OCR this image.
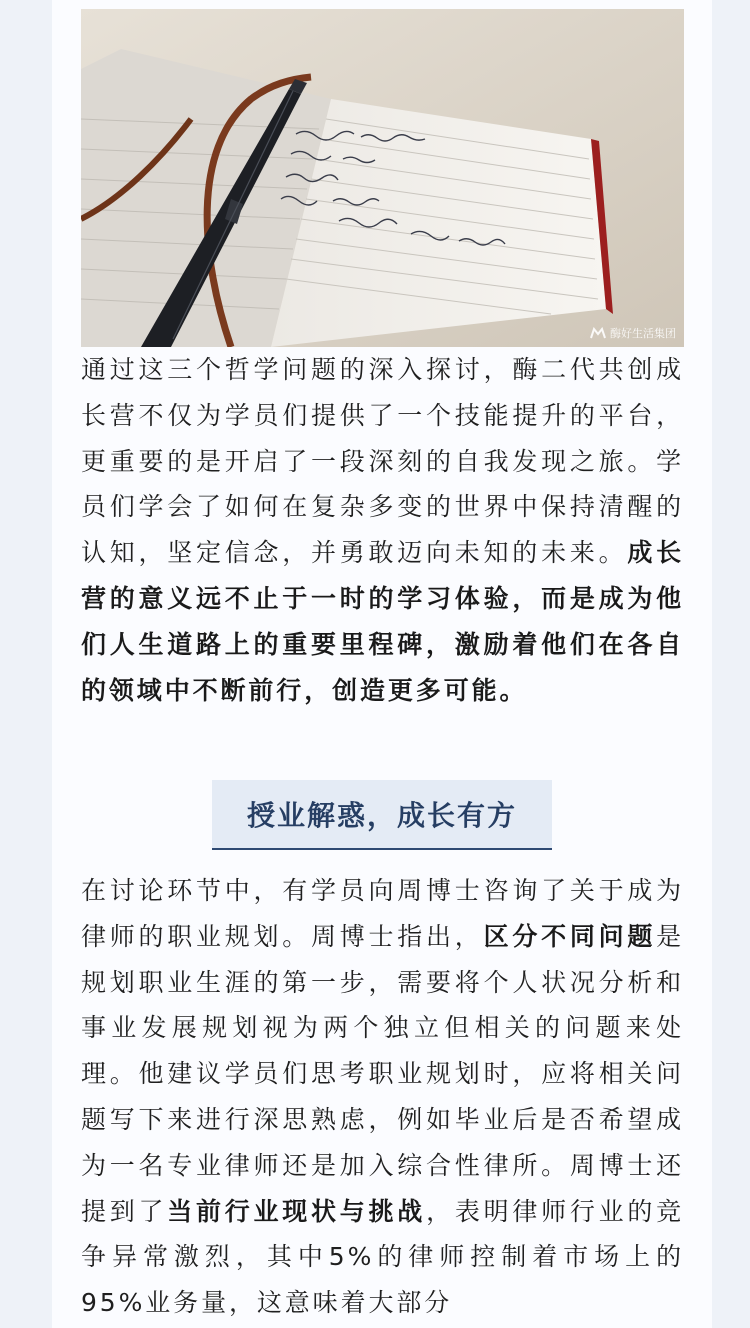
酶好生活集团

通过这三个哲学问题的深入探讨，酶二代共创成长营不仅为学员们提供了一个技能提升的平台，更重要的是开启了一段深刻的自我发现之旅。学员们学会了如何在复杂多变的世界中保持清醒的认知，坚定信念，并勇敢迈向未知的未来。成长营的意义远不止于一时的学习体验，而是成为他们人生道路上的重要里程碑，激励着他们在各自的领域中不断前行，创造更多可能。

授业解惑，成长有方

在讨论环节中，有学员向周博士咨询了关于成为律师的职业规划。周博士指出，区分不同问题是规划职业生涯的第一步，需要将个人状况分析和事业发展规划视为两个独立但相关的问题来处理。他建议学员们思考职业规划时，应将相关问题写下来进行深思熟虑，例如毕业后是否希望成为一名专业律师还是加入综合性律所。周博士还提到了当前行业现状与挑战，表明律师行业的竞争异常激烈，其中5%的律师控制着市场上的95%业务量，这意味着大部分
